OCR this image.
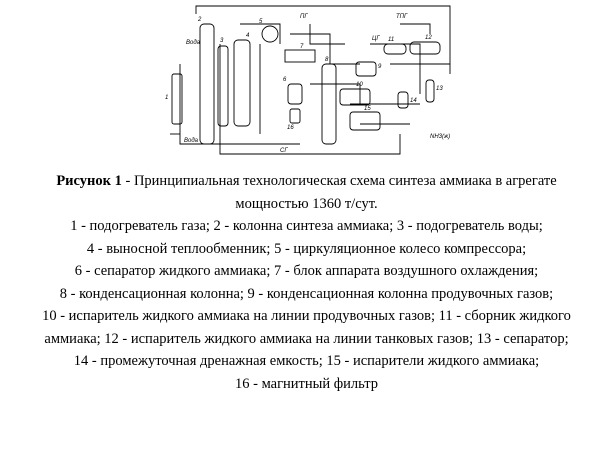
1
2
3
4
5
6
7
8
9
10
11	12
13
14
15
16
ПГ	ТПГ
ЦГ
Вода
Вода
СГ
NH3(ж)
Рисунок 1 - Принципиальная технологическая схема синтеза аммиака в агрегате
мощностью 1360 т/сут.
1 - подогреватель газа; 2 - колонна синтеза аммиака; 3 - подогреватель воды;
4 - выносной теплообменник; 5 - циркуляционное колесо компрессора;
6 - сепаратор жидкого аммиака; 7 - блок аппарата воздушного охлаждения;
8 - конденсационная колонна; 9 - конденсационная колонна продувочных газов;
10 - испаритель жидкого аммиака на линии продувочных газов; 11 - сборник жидкого
аммиака; 12 - испаритель жидкого аммиака на линии танковых газов; 13 - сепаратор;
14 - промежуточная дренажная емкость; 15 - испарители жидкого аммиака;
16 - магнитный фильтр
